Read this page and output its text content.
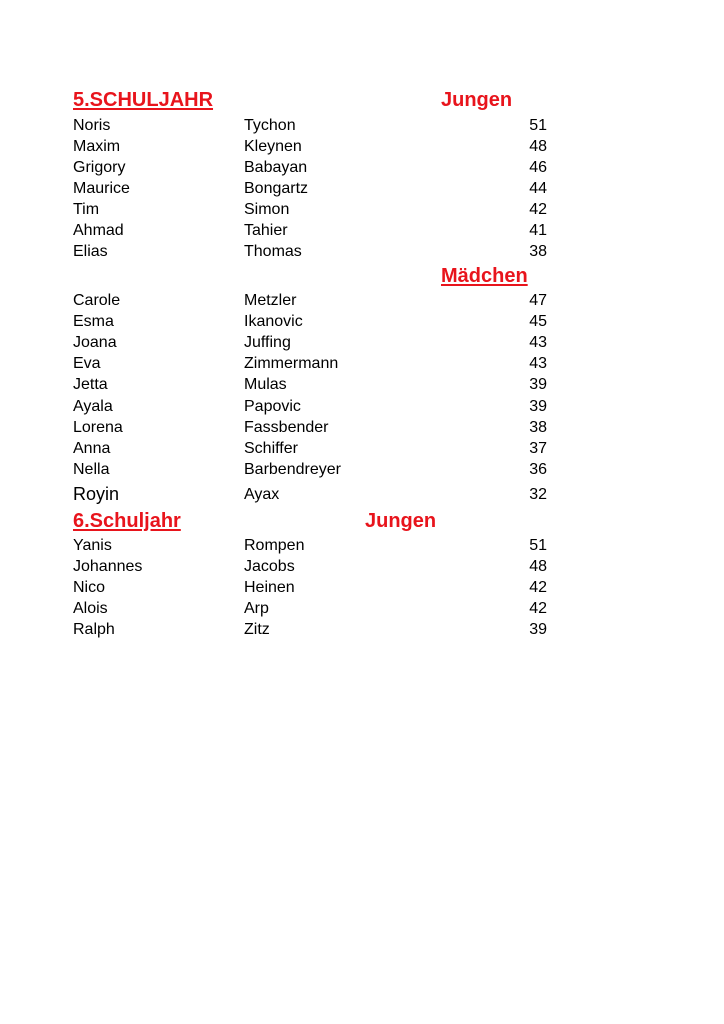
5.SCHULJAHR	Jungen
Noris	Tychon	51
Maxim	Kleynen	48
Grigory	Babayan	46
Maurice	Bongartz	44
Tim	Simon	42
Ahmad	Tahier	41
Elias	Thomas	38
Mädchen
Carole	Metzler	47
Esma	Ikanovic	45
Joana	Juffing	43
Eva	Zimmermann	43
Jetta	Mulas	39
Ayala	Papovic	39
Lorena	Fassbender	38
Anna	Schiffer	37
Nella	Barbendreyer	36
Royin	Ayax	32
6.Schuljahr	Jungen
Yanis	Rompen	51
Johannes	Jacobs	48
Nico	Heinen	42
Alois	Arp	42
Ralph	Zitz	39
